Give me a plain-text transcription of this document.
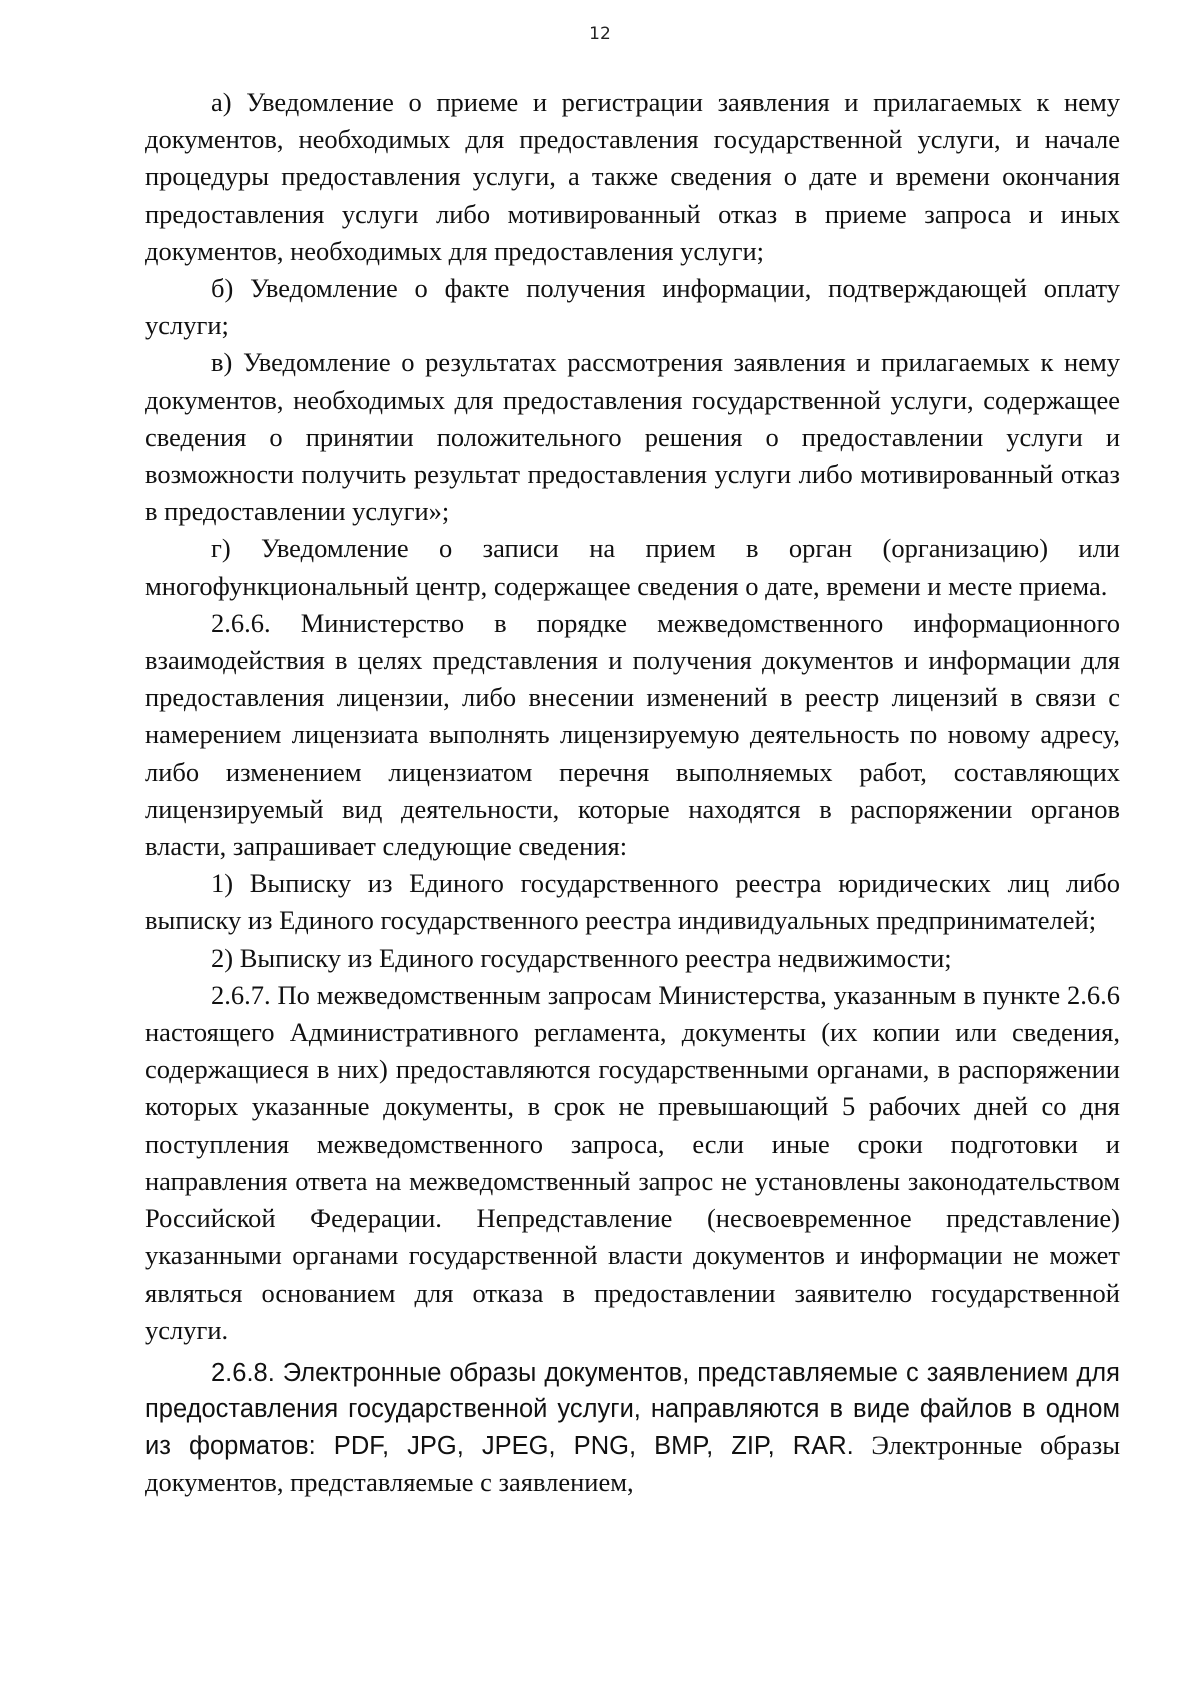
12

а) Уведомление о приеме и регистрации заявления и прилагаемых к нему документов, необходимых для предоставления государственной услуги, и начале процедуры предоставления услуги, а также сведения о дате и времени окончания предоставления услуги либо мотивированный отказ в приеме запроса и иных документов, необходимых для предоставления услуги;

б) Уведомление о факте получения информации, подтверждающей оплату услуги;

в) Уведомление о результатах рассмотрения заявления и прилагаемых к нему документов, необходимых для предоставления государственной услуги, содержащее сведения о принятии положительного решения о предоставлении услуги и возможности получить результат предоставления услуги либо мотивированный отказ в предоставлении услуги»;

г) Уведомление о записи на прием в орган (организацию) или многофункциональный центр, содержащее сведения о дате, времени и месте приема.

2.6.6. Министерство в порядке межведомственного информационного взаимодействия в целях представления и получения документов и информации для предоставления лицензии, либо внесении изменений в реестр лицензий в связи с намерением лицензиата выполнять лицензируемую деятельность по новому адресу, либо изменением лицензиатом перечня выполняемых работ, составляющих лицензируемый вид деятельности, которые находятся в распоряжении органов власти, запрашивает следующие сведения:

1) Выписку из Единого государственного реестра юридических лиц либо выписку из Единого государственного реестра индивидуальных предпринимателей;

2) Выписку из Единого государственного реестра недвижимости;

2.6.7. По межведомственным запросам Министерства, указанным в пункте 2.6.6 настоящего Административного регламента, документы (их копии или сведения, содержащиеся в них) предоставляются государственными органами, в распоряжении которых указанные документы, в срок не превышающий 5 рабочих дней со дня поступления межведомственного запроса, если иные сроки подготовки и направления ответа на межведомственный запрос не установлены законодательством Российской Федерации. Непредставление (несвоевременное представление) указанными органами государственной власти документов и информации не может являться основанием для отказа в предоставлении заявителю государственной услуги.

2.6.8. Электронные образы документов, представляемые с заявлением для предоставления государственной услуги, направляются в виде файлов в одном из форматов: PDF, JPG, JPEG, PNG, BMP, ZIP, RAR. Электронные образы документов, представляемые с заявлением,
